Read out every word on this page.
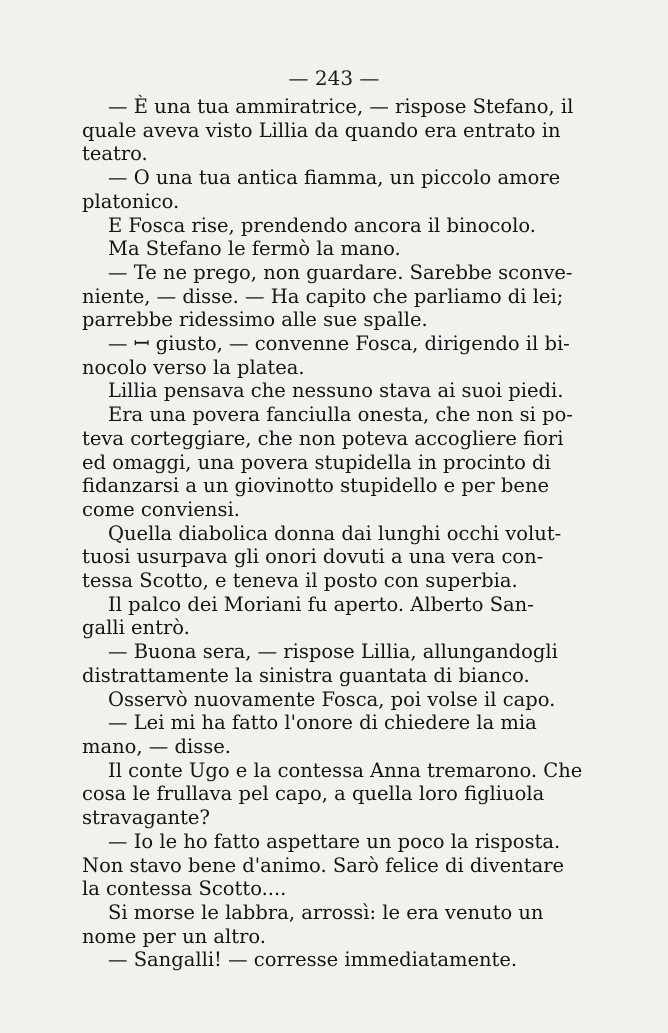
— 243 —

— È una tua ammiratrice, — rispose Stefano, il
quale aveva visto Lillia da quando era entrato in
teatro.

— O una tua antica fiamma, un piccolo amore
platonico.

E Fosca rise, prendendo ancora il binocolo.

Ma Stefano le fermò la mano.

— Te ne prego, non guardare. Sarebbe sconve-
niente, — disse. — Ha capito che parliamo di lei;
parrebbe ridessimo alle sue spalle.

— ꟷ giusto, — convenne Fosca, dirigendo il bi-
nocolo verso la platea.

Lillia pensava che nessuno stava ai suoi piedi.

Era una povera fanciulla onesta, che non si po-
teva corteggiare, che non poteva accogliere fiori
ed omaggi, una povera stupidella in procinto di
fidanzarsi a un giovinotto stupidello e per bene
come conviensi.

Quella diabolica donna dai lunghi occhi volut-
tuosi usurpava gli onori dovuti a una vera con-
tessa Scotto, e teneva il posto con superbia.

Il palco dei Moriani fu aperto. Alberto San-
galli entrò.

— Buona sera, — rispose Lillia, allungandogli
distrattamente la sinistra guantata di bianco.

Osservò nuovamente Fosca, poi volse il capo.

— Lei mi ha fatto l'onore di chiedere la mia
mano, — disse.

Il conte Ugo e la contessa Anna tremarono. Che
cosa le frullava pel capo, a quella loro figliuola
stravagante?

— Io le ho fatto aspettare un poco la risposta.
Non stavo bene d'animo. Sarò felice di diventare
la contessa Scotto....

Si morse le labbra, arrossì: le era venuto un
nome per un altro.

— Sangalli! — corresse immediatamente.
